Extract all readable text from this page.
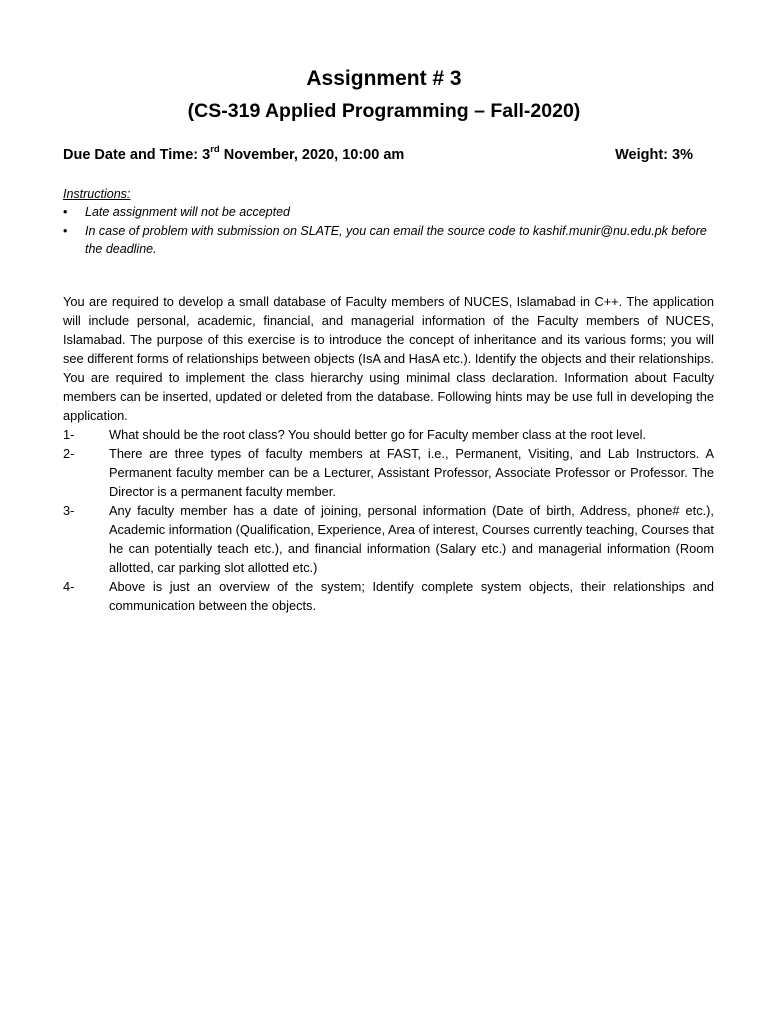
Assignment # 3
(CS-319 Applied Programming – Fall-2020)
Due Date and Time: 3rd November, 2020, 10:00 am	Weight: 3%
Instructions:
• Late assignment will not be accepted
• In case of problem with submission on SLATE, you can email the source code to kashif.munir@nu.edu.pk before the deadline.
You are required to develop a small database of Faculty members of NUCES, Islamabad in C++. The application will include personal, academic, financial, and managerial information of the Faculty members of NUCES, Islamabad. The purpose of this exercise is to introduce the concept of inheritance and its various forms; you will see different forms of relationships between objects (IsA and HasA etc.). Identify the objects and their relationships. You are required to implement the class hierarchy using minimal class declaration. Information about Faculty members can be inserted, updated or deleted from the database. Following hints may be use full in developing the application.
1-	What should be the root class? You should better go for Faculty member class at the root level.
2-	There are three types of faculty members at FAST, i.e., Permanent, Visiting, and Lab Instructors. A Permanent faculty member can be a Lecturer, Assistant Professor, Associate Professor or Professor. The Director is a permanent faculty member.
3-	Any faculty member has a date of joining, personal information (Date of birth, Address, phone# etc.), Academic information (Qualification, Experience, Area of interest, Courses currently teaching, Courses that he can potentially teach etc.), and financial information (Salary etc.) and managerial information (Room allotted, car parking slot allotted etc.)
4-	Above is just an overview of the system; Identify complete system objects, their relationships and communication between the objects.
